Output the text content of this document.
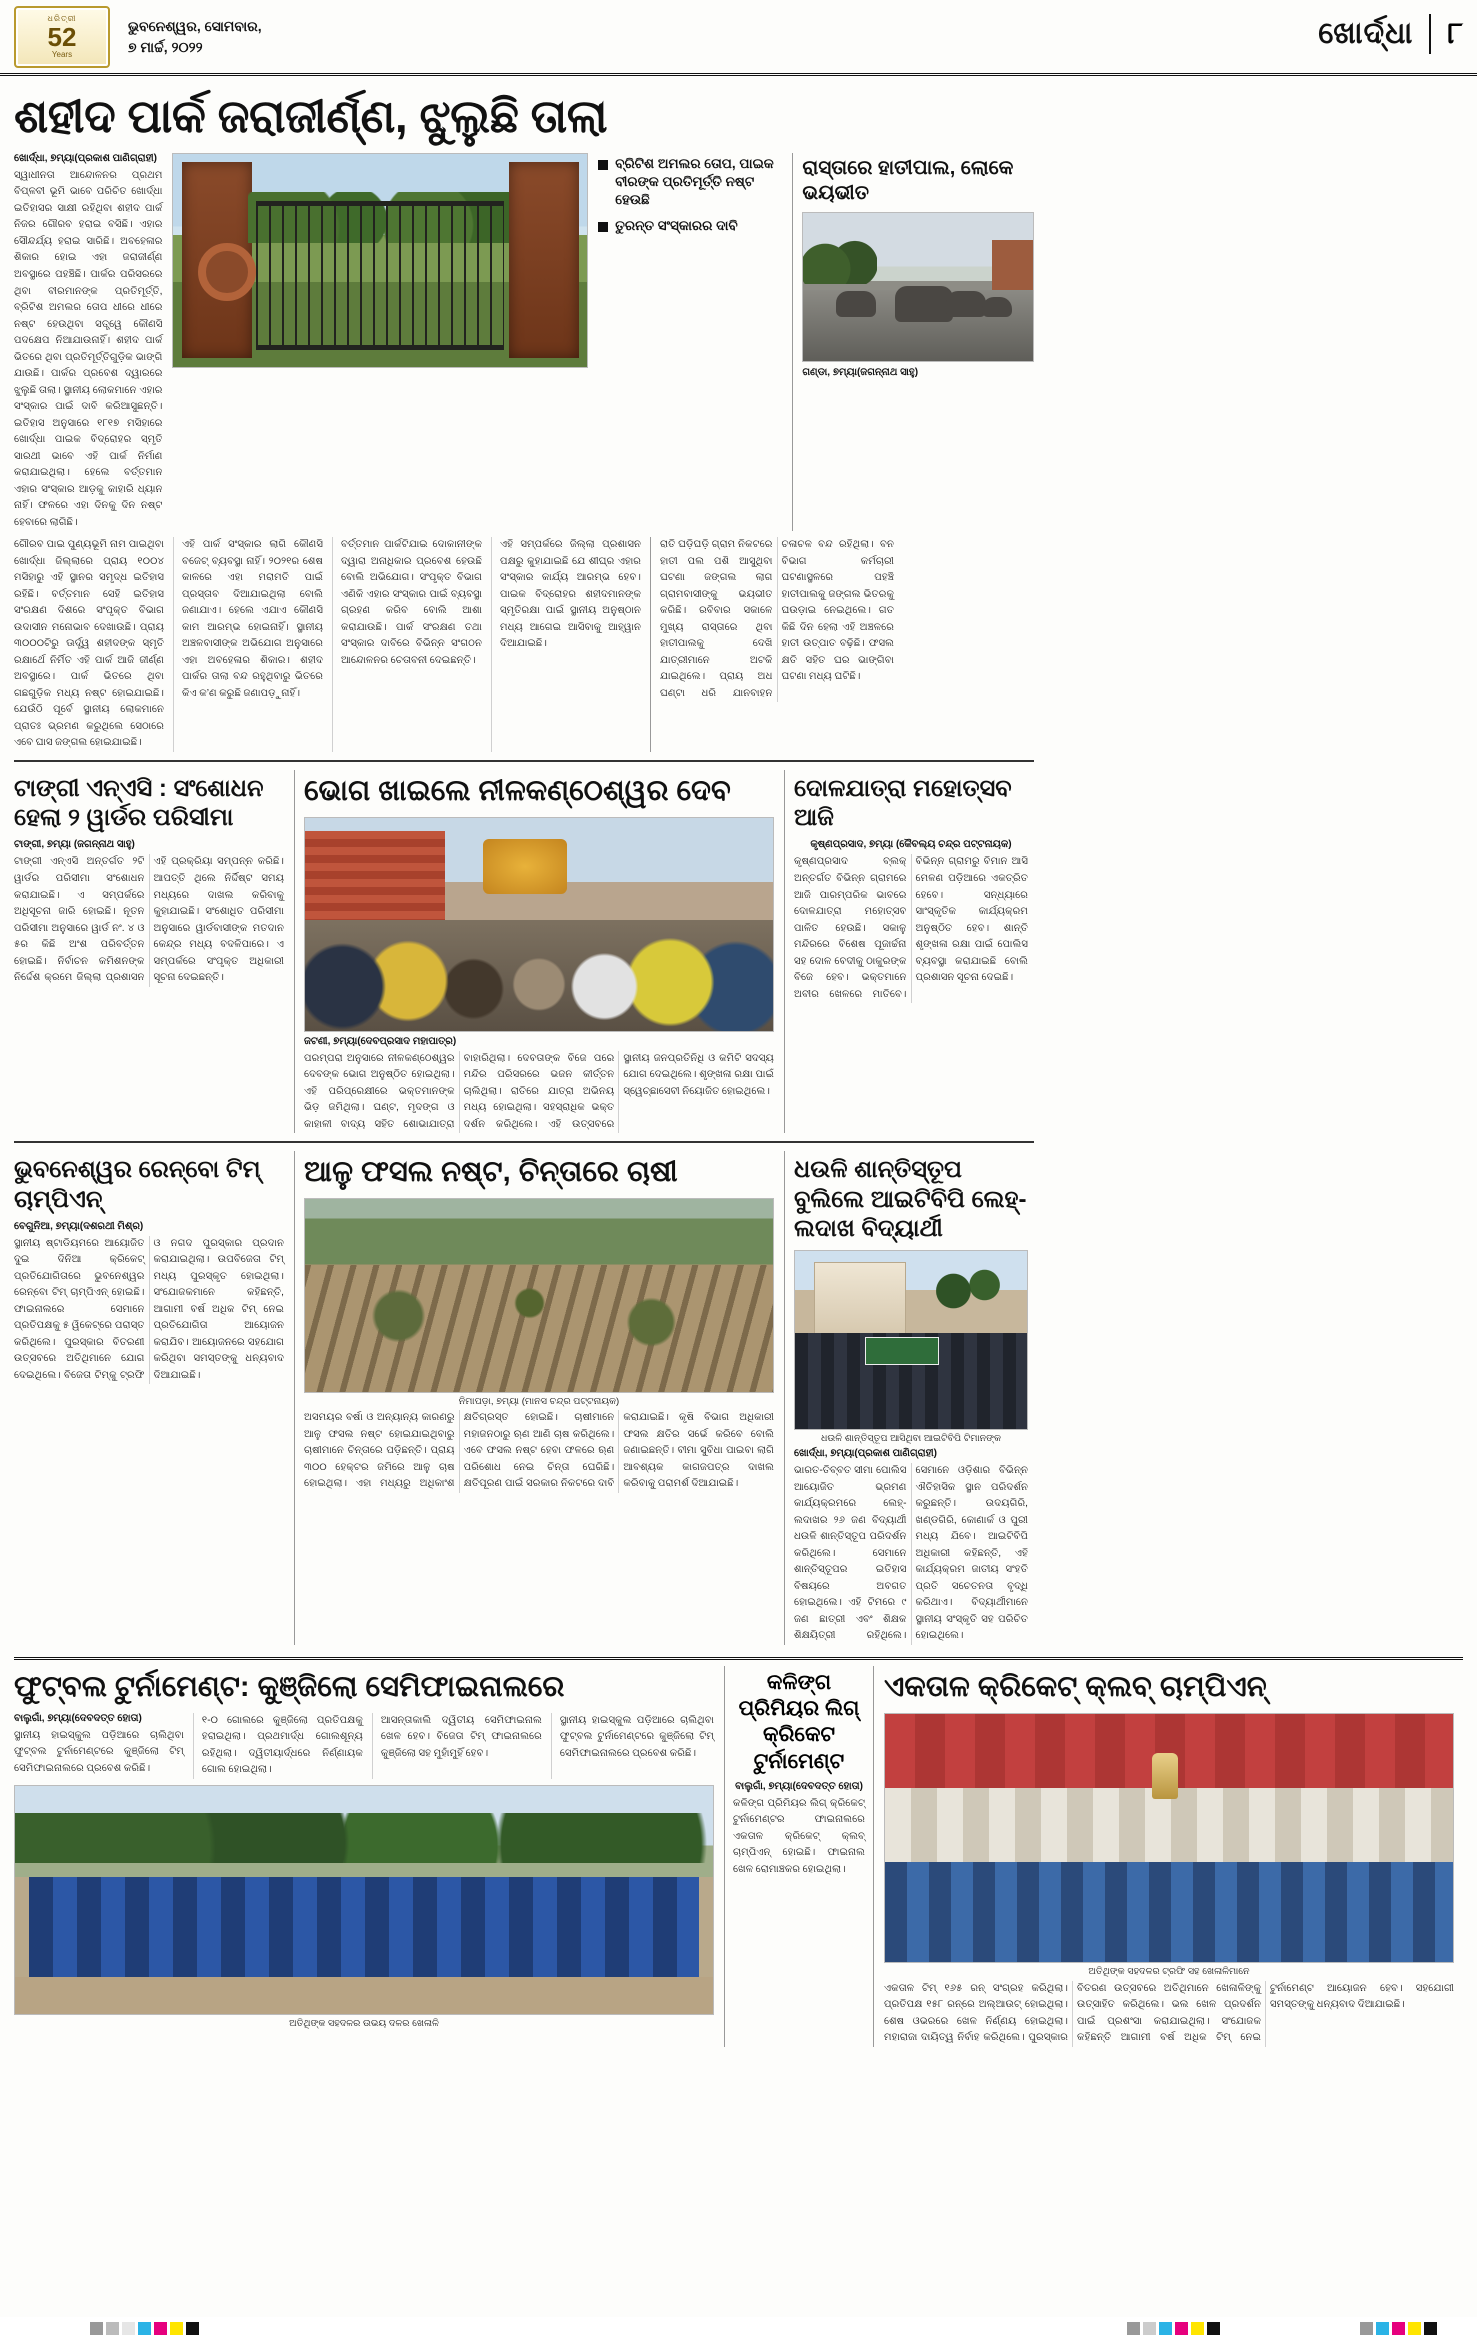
ଧରିତ୍ରୀ
52
Years
ଭୁବନେଶ୍ୱର, ସୋମବାର,
୭ ମାର୍ଚ୍ଚ, ୨୦୨୨	ଖୋର୍ଦ୍ଧା ୮
ଶହୀଦ ପାର୍କ ଜରାଜୀର୍ଣ୍ଣ, ଝୁଲୁଛି ତାଲା
ଖୋର୍ଦ୍ଧା, ୭ମ୍ୟା(ପ୍ରକାଶ ପାଣିଗ୍ରାହୀ)
ସ୍ୱାଧୀନତା ଆନ୍ଦୋଳନର ପ୍ରଥମ ବିପ୍ଳବୀ ଭୂମି ଭାବେ ପରିଚିତ ଖୋର୍ଦ୍ଧା ଇତିହାସର ସାକ୍ଷୀ ରହିଥିବା ଶହୀଦ ପାର୍କ ନିଜର ଗୌରବ ହରାଇ ବସିଛି। ଏହାର ସୌନ୍ଦର୍ଯ୍ୟ ହରାଇ ସାରିଛି। ଅବହେଳାର ଶିକାର ହୋଇ ଏହା ଜରାଜୀର୍ଣ୍ଣ ଅବସ୍ଥାରେ ପହଞ୍ଚିଛି। ପାର୍କର ପରିସରରେ ଥିବା ବୀରମାନଙ୍କ ପ୍ରତିମୂର୍ତ୍ତି, ବ୍ରିଟିଶ ଅମଲର ତୋପ ଧୀରେ ଧୀରେ ନଷ୍ଟ ହେଉଥିବା ସତ୍ତ୍ୱେ କୌଣସି ପଦକ୍ଷେପ ନିଆଯାଉନାହିଁ। ଶହୀଦ ପାର୍କ ଭିତରେ ଥିବା ପ୍ରତିମୂର୍ତ୍ତିଗୁଡ଼ିକ ଭାଙ୍ଗି ଯାଉଛି। ପାର୍କର ପ୍ରବେଶ ଦ୍ୱାରରେ ଝୁଲୁଛି ତାଲା। ସ୍ଥାନୀୟ ଲୋକମାନେ ଏହାର ସଂସ୍କାର ପାଇଁ ଦାବି କରିଆସୁଛନ୍ତି। ଇତିହାସ ଅନୁସାରେ ୧୮୧୭ ମସିହାରେ ଖୋର୍ଦ୍ଧା ପାଇକ ବିଦ୍ରୋହର ସ୍ମୃତି ସାରଥୀ ଭାବେ ଏହି ପାର୍କ ନିର୍ମାଣ କରାଯାଇଥିଲା। ହେଲେ ବର୍ତ୍ତମାନ ଏହାର ସଂସ୍କାର ଆଡ଼କୁ କାହାରି ଧ୍ୟାନ ନାହିଁ। ଫଳରେ ଏହା ଦିନକୁ ଦିନ ନଷ୍ଟ ହେବାରେ ଲାଗିଛି।
ବ୍ରିଟିଶ ଅମଲର ତୋପ, ପାଇକ ବୀରଙ୍କ ପ୍ରତିମୂର୍ତ୍ତି ନଷ୍ଟ ହେଉଛି
ତୁରନ୍ତ ସଂସ୍କାରର ଦାବି
ରାସ୍ତାରେ ହାତୀପାଲ, ଲୋକେ ଭୟଭୀତ
ଗଣ୍ଡା, ୭ମ୍ୟା(ଜଗନ୍ନାଥ ସାହୁ)
ଗୌରବ ପାଇ ପୁଣ୍ୟଭୂମି ନାମ ପାଇଥିବା ଖୋର୍ଦ୍ଧା ଜିଲ୍ଲାରେ ପ୍ରାୟ ୧୦୦୪ ମସିହାରୁ ଏହି ସ୍ଥାନର ସମୃଦ୍ଧ ଇତିହାସ ରହିଛି। ବର୍ତ୍ତମାନ ସେହି ଇତିହାସ ସଂରକ୍ଷଣ ଦିଶରେ ସଂପୃକ୍ତ ବିଭାଗ ଉଦାସୀନ ମନୋଭାବ ଦେଖାଉଛି। ପ୍ରାୟ ୩୦୦୦ଟିରୁ ଊର୍ଦ୍ଧ୍ୱ ଶହୀଦଙ୍କ ସ୍ମୃତି ରକ୍ଷାର୍ଥେ ନିର୍ମିତ ଏହି ପାର୍କ ଆଜି ଜୀର୍ଣ୍ଣ ଅବସ୍ଥାରେ। ପାର୍କ ଭିତରେ ଥିବା ଗଛଗୁଡ଼ିକ ମଧ୍ୟ ନଷ୍ଟ ହୋଇଯାଇଛି। ଯେଉଁଠି ପୂର୍ବେ ସ୍ଥାନୀୟ ଲୋକମାନେ ପ୍ରାତଃ ଭ୍ରମଣ କରୁଥିଲେ ସେଠାରେ ଏବେ ଘାସ ଜଙ୍ଗଲ ହୋଇଯାଇଛି।
ଏହି ପାର୍କ ସଂସ୍କାର ଲାଗି କୌଣସି ବଜେଟ୍ ବ୍ୟବସ୍ଥା ନାହିଁ। ୨୦୨୧ର ଶେଷ କାଳରେ ଏହା ମରାମତି ପାଇଁ ପ୍ରସ୍ତାବ ଦିଆଯାଇଥିଲା ବୋଲି ଜଣାଯାଏ। ହେଲେ ଏଯାଏ କୌଣସି କାମ ଆରମ୍ଭ ହୋଇନାହିଁ। ସ୍ଥାନୀୟ ଅଞ୍ଚଳବାସୀଙ୍କ ଅଭିଯୋଗ ଅନୁସାରେ ଏହା ଅବହେଳାର ଶିକାର। ଶହୀଦ ପାର୍କର ତାଲା ବନ୍ଦ ରହୁଥିବାରୁ ଭିତରେ କିଏ କ’ଣ କରୁଛି ଜଣାପଡ଼ୁନାହିଁ।
ବର୍ତ୍ତମାନ ପାର୍କଟିଯାଇ ଦୋକାନୀଙ୍କ ଦ୍ୱାରା ଅନାଧିକାର ପ୍ରବେଶ ହେଉଛି ବୋଲି ଅଭିଯୋଗ। ସଂପୃକ୍ତ ବିଭାଗ ଏଣିକି ଏହାର ସଂସ୍କାର ପାଇଁ ବ୍ୟବସ୍ଥା ଗ୍ରହଣ କରିବ ବୋଲି ଆଶା କରାଯାଉଛି। ପାର୍କ ସଂରକ୍ଷଣ ତଥା ସଂସ୍କାର ଦାବିରେ ବିଭିନ୍ନ ସଂଗଠନ ଆନ୍ଦୋଳନର ଚେତାବନୀ ଦେଇଛନ୍ତି।
ଏହି ସମ୍ପର୍କରେ ଜିଲ୍ଲା ପ୍ରଶାସନ ପକ୍ଷରୁ କୁହାଯାଇଛି ଯେ ଶୀଘ୍ର ଏହାର ସଂସ୍କାର କାର୍ଯ୍ୟ ଆରମ୍ଭ ହେବ। ପାଇକ ବିଦ୍ରୋହର ଶହୀଦମାନଙ୍କ ସ୍ମୃତିରକ୍ଷା ପାଇଁ ସ୍ଥାନୀୟ ଅନୁଷ୍ଠାନ ମଧ୍ୟ ଆଗେଇ ଆସିବାକୁ ଆହ୍ୱାନ ଦିଆଯାଇଛି।
ରାତି ଘଡ଼ିଘଡ଼ି ଗ୍ରାମ ନିକଟରେ ହାତୀ ପଲ ପଶି ଆସୁଥିବା ଘଟଣା ଜଙ୍ଗଲ ଲାଗ ଗ୍ରାମବାସୀଙ୍କୁ ଭୟଭୀତ କରିଛି। ରବିବାର ସକାଳେ ମୁଖ୍ୟ ରାସ୍ତାରେ ଥିବା ହାତୀପାଲକୁ ଦେଖି ଯାତ୍ରୀମାନେ ଅଟକି ଯାଇଥିଲେ। ପ୍ରାୟ ଅଧ ଘଣ୍ଟା ଧରି ଯାନବାହନ ଚଳାଚଳ ବନ୍ଦ ରହିଥିଲା। ବନ ବିଭାଗ କର୍ମଚାରୀ ଘଟଣାସ୍ଥଳରେ ପହଞ୍ଚି ହାତୀପାଲକୁ ଜଙ୍ଗଲ ଭିତରକୁ ଘଉଡ଼ାଇ ନେଇଥିଲେ। ଗତ କିଛି ଦିନ ହେଲା ଏହି ଅଞ୍ଚଳରେ ହାତୀ ଉତ୍ପାତ ବଢ଼ିଛି। ଫସଲ କ୍ଷତି ସହିତ ଘର ଭାଙ୍ଗିବା ଘଟଣା ମଧ୍ୟ ଘଟିଛି।
ଟାଙ୍ଗୀ ଏନ୍ଏସି : ସଂଶୋଧନ ହେଲା ୨ ୱାର୍ଡର ପରିସୀମା
ଟାଙ୍ଗୀ, ୭ମ୍ୟା (ଜଗନ୍ନାଥ ସାହୁ)
ଟାଙ୍ଗୀ ଏନ୍ଏସି ଅନ୍ତର୍ଗତ ୨ଟି ୱାର୍ଡର ପରିସୀମା ସଂଶୋଧନ କରାଯାଇଛି। ଏ ସମ୍ପର୍କରେ ଅଧିସୂଚନା ଜାରି ହୋଇଛି। ନୂତନ ପରିସୀମା ଅନୁସାରେ ୱାର୍ଡ ନଂ. ୪ ଓ ୫ର କିଛି ଅଂଶ ପରିବର୍ତ୍ତନ ହୋଇଛି। ନିର୍ବାଚନ କମିଶନଙ୍କ ନିର୍ଦ୍ଦେଶ କ୍ରମେ ଜିଲ୍ଲା ପ୍ରଶାସନ ଏହି ପ୍ରକ୍ରିୟା ସମ୍ପନ୍ନ କରିଛି। ଆପତ୍ତି ଥିଲେ ନିର୍ଦ୍ଦିଷ୍ଟ ସମୟ ମଧ୍ୟରେ ଦାଖଲ କରିବାକୁ କୁହାଯାଇଛି। ସଂଶୋଧିତ ପରିସୀମା ଅନୁସାରେ ୱାର୍ଡବାସୀଙ୍କ ମତଦାନ କେନ୍ଦ୍ର ମଧ୍ୟ ବଦଳିପାରେ। ଏ ସମ୍ପର୍କରେ ସଂପୃକ୍ତ ଅଧିକାରୀ ସୂଚନା ଦେଇଛନ୍ତି।
ଭୋଗ ଖାଇଲେ ନୀଳକଣ୍ଠେଶ୍ୱର ଦେବ
ଜଟଣୀ, ୭ମ୍ୟା(ଦେବପ୍ରସାଦ ମହାପାତ୍ର)
ପରମ୍ପରା ଅନୁସାରେ ନୀଳକଣ୍ଠେଶ୍ୱର ଦେବଙ୍କ ଭୋଗ ଅନୁଷ୍ଠିତ ହୋଇଥିଲା। ଏହି ପରିପ୍ରେକ୍ଷୀରେ ଭକ୍ତମାନଙ୍କ ଭିଡ଼ ଜମିଥିଲା। ଘଣ୍ଟ, ମୃଦଙ୍ଗ ଓ କାହାଳୀ ବାଦ୍ୟ ସହିତ ଶୋଭାଯାତ୍ରା ବାହାରିଥିଲା। ଦେବତାଙ୍କ ବିଜେ ପରେ ମନ୍ଦିର ପରିସରରେ ଭଜନ କୀର୍ତ୍ତନ ଚାଲିଥିଲା। ରାତିରେ ଯାତ୍ରା ଅଭିନୟ ମଧ୍ୟ ହୋଇଥିଲା। ସହସ୍ରାଧିକ ଭକ୍ତ ଦର୍ଶନ କରିଥିଲେ। ଏହି ଉତ୍ସବରେ ସ୍ଥାନୀୟ ଜନପ୍ରତିନିଧି ଓ କମିଟି ସଦସ୍ୟ ଯୋଗ ଦେଇଥିଲେ। ଶୃଙ୍ଖଳା ରକ୍ଷା ପାଇଁ ସ୍ୱେଚ୍ଛାସେବୀ ନିୟୋଜିତ ହୋଇଥିଲେ।
ଦୋଳଯାତ୍ରା ମହୋତ୍ସବ ଆଜି
କୃଷ୍ଣପ୍ରସାଦ, ୭ମ୍ୟା (କୈବଲ୍ୟ ଚନ୍ଦ୍ର ପଟ୍ଟନାୟକ)
କୃଷ୍ଣପ୍ରସାଦ ବ୍ଲକ୍ ଅନ୍ତର୍ଗତ ବିଭିନ୍ନ ଗ୍ରାମରେ ଆଜି ପାରମ୍ପରିକ ଭାବରେ ଦୋଳଯାତ୍ରା ମହୋତ୍ସବ ପାଳିତ ହେଉଛି। ସକାଳୁ ମନ୍ଦିରରେ ବିଶେଷ ପୂଜାର୍ଚ୍ଚନା ସହ ଦୋଳ ବେଦୀକୁ ଠାକୁରଙ୍କ ବିଜେ ହେବ। ଭକ୍ତମାନେ ଅବୀର ଖେଳରେ ମାତିବେ। ବିଭିନ୍ନ ଗ୍ରାମରୁ ବିମାନ ଆସି ମେଳଣ ପଡ଼ିଆରେ ଏକତ୍ରିତ ହେବେ। ସନ୍ଧ୍ୟାରେ ସାଂସ୍କୃତିକ କାର୍ଯ୍ୟକ୍ରମ ଅନୁଷ୍ଠିତ ହେବ। ଶାନ୍ତି ଶୃଙ୍ଖଳା ରକ୍ଷା ପାଇଁ ପୋଲିସ ବ୍ୟବସ୍ଥା କରାଯାଇଛି ବୋଲି ପ୍ରଶାସନ ସୂଚନା ଦେଇଛି।
ଭୁବନେଶ୍ୱର ରେନ୍ବୋ ଟିମ୍ ଚାମ୍ପିଏନ୍
ବେଗୁନିଆ, ୭ମ୍ୟା(ଦଶରଥୀ ମିଶ୍ର)
ସ୍ଥାନୀୟ ଷ୍ଟାଡିୟମରେ ଆୟୋଜିତ ଦୁଇ ଦିନିଆ କ୍ରିକେଟ୍ ପ୍ରତିଯୋଗିତାରେ ଭୁବନେଶ୍ୱର ରେନ୍ବୋ ଟିମ୍ ଚାମ୍ପିଏନ୍ ହୋଇଛି। ଫାଇନାଲରେ ସେମାନେ ପ୍ରତିପକ୍ଷକୁ ୫ ୱିକେଟ୍ରେ ପରାସ୍ତ କରିଥିଲେ। ପୁରସ୍କାର ବିତରଣୀ ଉତ୍ସବରେ ଅତିଥିମାନେ ଯୋଗ ଦେଇଥିଲେ। ବିଜେତା ଟିମ୍କୁ ଟ୍ରଫି ଓ ନଗଦ ପୁରସ୍କାର ପ୍ରଦାନ କରାଯାଇଥିଲା। ଉପବିଜେତା ଟିମ୍ ମଧ୍ୟ ପୁରସ୍କୃତ ହୋଇଥିଲା। ସଂଯୋଜକମାନେ କହିଛନ୍ତି, ଆଗାମୀ ବର୍ଷ ଅଧିକ ଟିମ୍ ନେଇ ପ୍ରତିଯୋଗିତା ଆୟୋଜନ କରାଯିବ। ଆୟୋଜନରେ ସହଯୋଗ କରିଥିବା ସମସ୍ତଙ୍କୁ ଧନ୍ୟବାଦ ଦିଆଯାଇଛି।
ଆଳୁ ଫସଲ ନଷ୍ଟ, ଚିନ୍ତାରେ ଚାଷୀ
ନିମାପଡ଼ା, ୭ମ୍ୟା (ମାନସ ଚନ୍ଦ୍ର ପଟ୍ଟନାୟକ)
ଅସମୟର ବର୍ଷା ଓ ଅନ୍ୟାନ୍ୟ କାରଣରୁ ଆଳୁ ଫସଲ ନଷ୍ଟ ହୋଇଯାଇଥିବାରୁ ଚାଷୀମାନେ ଚିନ୍ତାରେ ପଡ଼ିଛନ୍ତି। ପ୍ରାୟ ୩୦୦ ହେକ୍ଟର ଜମିରେ ଆଳୁ ଚାଷ ହୋଇଥିଲା। ଏହା ମଧ୍ୟରୁ ଅଧିକାଂଶ କ୍ଷତିଗ୍ରସ୍ତ ହୋଇଛି। ଚାଷୀମାନେ ମହାଜନଠାରୁ ଋଣ ଆଣି ଚାଷ କରିଥିଲେ। ଏବେ ଫସଲ ନଷ୍ଟ ହେବା ଫଳରେ ଋଣ ପରିଶୋଧ ନେଇ ଚିନ୍ତା ଘେରିଛି। କ୍ଷତିପୂରଣ ପାଇଁ ସରକାର ନିକଟରେ ଦାବି କରାଯାଇଛି। କୃଷି ବିଭାଗ ଅଧିକାରୀ ଫସଲ କ୍ଷତିର ସର୍ଭେ କରିବେ ବୋଲି ଜଣାଇଛନ୍ତି। ବୀମା ସୁବିଧା ପାଇବା ଲାଗି ଆବଶ୍ୟକ କାଗଜପତ୍ର ଦାଖଲ କରିବାକୁ ପରାମର୍ଶ ଦିଆଯାଇଛି।
ଧଉଳି ଶାନ୍ତିସ୍ତୂପ ବୁଲିଲେ ଆଇଟିବିପି ଲେହ୍-ଲଦାଖ ବିଦ୍ୟାର୍ଥୀ
ଧଉଳି ଶାନ୍ତିସ୍ତୂପ ଆସିଥିବା ଆଇଟିବିପି ଟିମାନଙ୍କ
ଖୋର୍ଦ୍ଧା, ୭ମ୍ୟା(ପ୍ରକାଶ ପାଣିଗ୍ରାହୀ)
ଭାରତ-ତିବ୍ବତ ସୀମା ପୋଲିସ ଆୟୋଜିତ ଭ୍ରମଣ କାର୍ଯ୍ୟକ୍ରମରେ ଲେହ୍-ଲଦାଖର ୨୬ ଜଣ ବିଦ୍ୟାର୍ଥୀ ଧଉଳି ଶାନ୍ତିସ୍ତୂପ ପରିଦର୍ଶନ କରିଥିଲେ। ସେମାନେ ଶାନ୍ତିସ୍ତୂପର ଇତିହାସ ବିଷୟରେ ଅବଗତ ହୋଇଥିଲେ। ଏହି ଟିମରେ ୯ ଜଣ ଛାତ୍ରୀ ଏବଂ ଶିକ୍ଷକ ଶିକ୍ଷୟିତ୍ରୀ ରହିଥିଲେ। ସେମାନେ ଓଡ଼ିଶାର ବିଭିନ୍ନ ଐତିହାସିକ ସ୍ଥାନ ପରିଦର୍ଶନ କରୁଛନ୍ତି। ଉଦୟଗିରି, ଖଣ୍ଡଗିରି, କୋଣାର୍କ ଓ ପୁରୀ ମଧ୍ୟ ଯିବେ। ଆଇଟିବିପି ଅଧିକାରୀ କହିଛନ୍ତି, ଏହି କାର୍ଯ୍ୟକ୍ରମ ଜାତୀୟ ସଂହତି ପ୍ରତି ସଚେତନତା ବୃଦ୍ଧି କରିଥାଏ। ବିଦ୍ୟାର୍ଥୀମାନେ ସ୍ଥାନୀୟ ସଂସ୍କୃତି ସହ ପରିଚିତ ହୋଇଥିଲେ।
ଫୁଟ୍‌ବଲ ଟୁର୍ନାମେଣ୍ଟ: କୁଞ୍ଜିଲୋ ସେମିଫାଇନାଲରେ
ବାଲୁଗାଁ, ୭ମ୍ୟା(ଦେବଦତ୍ତ ହୋତା)
ସ୍ଥାନୀୟ ହାଇସ୍କୁଲ ପଡ଼ିଆରେ ଚାଲିଥିବା ଫୁଟ୍‌ବଲ ଟୁର୍ନାମେଣ୍ଟରେ କୁଞ୍ଜିଲୋ ଟିମ୍ ସେମିଫାଇନାଲରେ ପ୍ରବେଶ କରିଛି।
୧-୦ ଗୋଲରେ କୁଞ୍ଜିଲୋ ପ୍ରତିପକ୍ଷକୁ ହରାଇଥିଲା। ପ୍ରଥମାର୍ଦ୍ଧ ଗୋଲଶୂନ୍ୟ ରହିଥିଲା। ଦ୍ୱିତୀୟାର୍ଦ୍ଧରେ ନିର୍ଣ୍ଣାୟକ ଗୋଲ ହୋଇଥିଲା।
ଆସନ୍ତାକାଲି ଦ୍ୱିତୀୟ ସେମିଫାଇନାଲ ଖେଳ ହେବ। ବିଜେତା ଟିମ୍ ଫାଇନାଲରେ କୁଞ୍ଜିଲୋ ସହ ମୁହାଁମୁହିଁ ହେବ।
ସ୍ଥାନୀୟ ହାଇସ୍କୁଲ ପଡ଼ିଆରେ ଚାଲିଥିବା ଫୁଟ୍‌ବଲ ଟୁର୍ନାମେଣ୍ଟରେ କୁଞ୍ଜିଲୋ ଟିମ୍ ସେମିଫାଇନାଲରେ ପ୍ରବେଶ କରିଛି।
ଅତିଥିଙ୍କ ସହଦଳର ଉଭୟ ଦଳର ଖେଳାଳି
କଳିଙ୍ଗ ପ୍ରିମିୟର ଲିଗ୍ କ୍ରିକେଟ ଟୁର୍ନାମେଣ୍ଟ
ବାଲୁଗାଁ, ୭ମ୍ୟା(ଦେବଦତ୍ତ ହୋତା)
କଳିଙ୍ଗ ପ୍ରିମିୟର ଲିଗ୍ କ୍ରିକେଟ୍ ଟୁର୍ନାମେଣ୍ଟର ଫାଇନାଲରେ ଏକତାଳ କ୍ରିକେଟ୍ କ୍ଲବ୍ ଚାମ୍ପିଏନ୍ ହୋଇଛି। ଫାଇନାଲ ଖେଳ ରୋମାଞ୍ଚକର ହୋଇଥିଲା।
ଏକତାଳ କ୍ରିକେଟ୍ କ୍ଲବ୍ ଚାମ୍ପିଏନ୍
ଅତିଥିଙ୍କ ସହଦଳର ଟ୍ରଫି ସହ ଖେଳାଳିମାନେ
ଏକତାଳ ଟିମ୍ ୧୬୫ ରନ୍ ସଂଗ୍ରହ କରିଥିଲା। ପ୍ରତିପକ୍ଷ ୧୫୮ ରନ୍ରେ ଅଲ୍ଆଉଟ୍ ହୋଇଥିଲା। ଶେଷ ଓଭରରେ ଖେଳ ନିର୍ଣ୍ଣୟ ହୋଇଥିଲା। ମହାରାଜା ଦାୟିତ୍ୱ ନିର୍ବାହ କରିଥିଲେ। ପୁରସ୍କାର ବିତରଣ ଉତ୍ସବରେ ଅତିଥିମାନେ ଖେଳାଳିଙ୍କୁ ଉତ୍ସାହିତ କରିଥିଲେ। ଭଲ ଖେଳ ପ୍ରଦର୍ଶନ ପାଇଁ ପ୍ରଶଂସା କରାଯାଇଥିଲା। ସଂଯୋଜକ କହିଛନ୍ତି ଆଗାମୀ ବର୍ଷ ଅଧିକ ଟିମ୍ ନେଇ ଟୁର୍ନାମେଣ୍ଟ ଆୟୋଜନ ହେବ। ସହଯୋଗୀ ସମସ୍ତଙ୍କୁ ଧନ୍ୟବାଦ ଦିଆଯାଇଛି।
